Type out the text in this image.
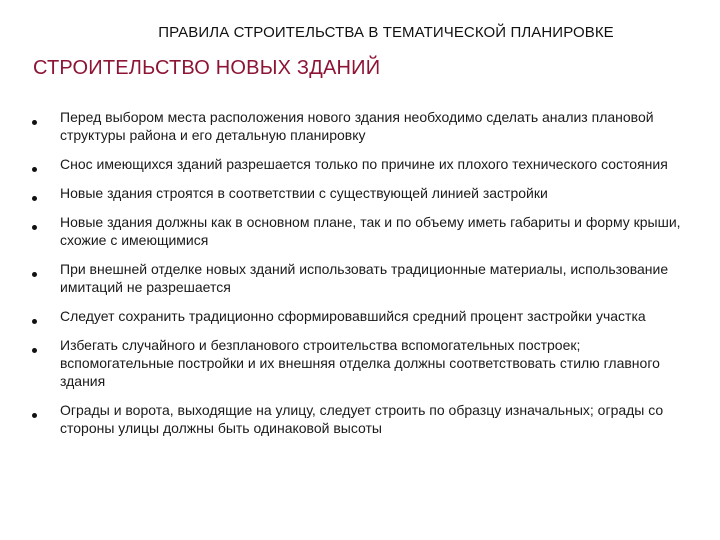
ПРАВИЛА СТРОИТЕЛЬСТВА В ТЕМАТИЧЕСКОЙ ПЛАНИРОВКЕ
СТРОИТЕЛЬСТВО НОВЫХ ЗДАНИЙ
Перед выбором места расположения нового здания необходимо сделать анализ плановой структуры района и его детальную планировку
Снос имеющихся зданий разрешается только по причине их плохого технического состояния
Новые здания строятся в соответствии с существующей линией застройки
Новые здания должны как в основном плане, так и по объему иметь габариты и форму крыши, схожие с имеющимися
При внешней отделке новых зданий использовать традиционные материалы, использование имитаций не разрешается
Следует сохранить традиционно сформировавшийся средний процент застройки участка
Избегать случайного и безпланового строительства вспомогательных построек; вспомогательные постройки и их внешняя отделка должны соответствовать стилю главного здания
Ограды и ворота, выходящие на улицу, следует строить по образцу изначальных; ограды со стороны улицы должны быть одинаковой высоты
